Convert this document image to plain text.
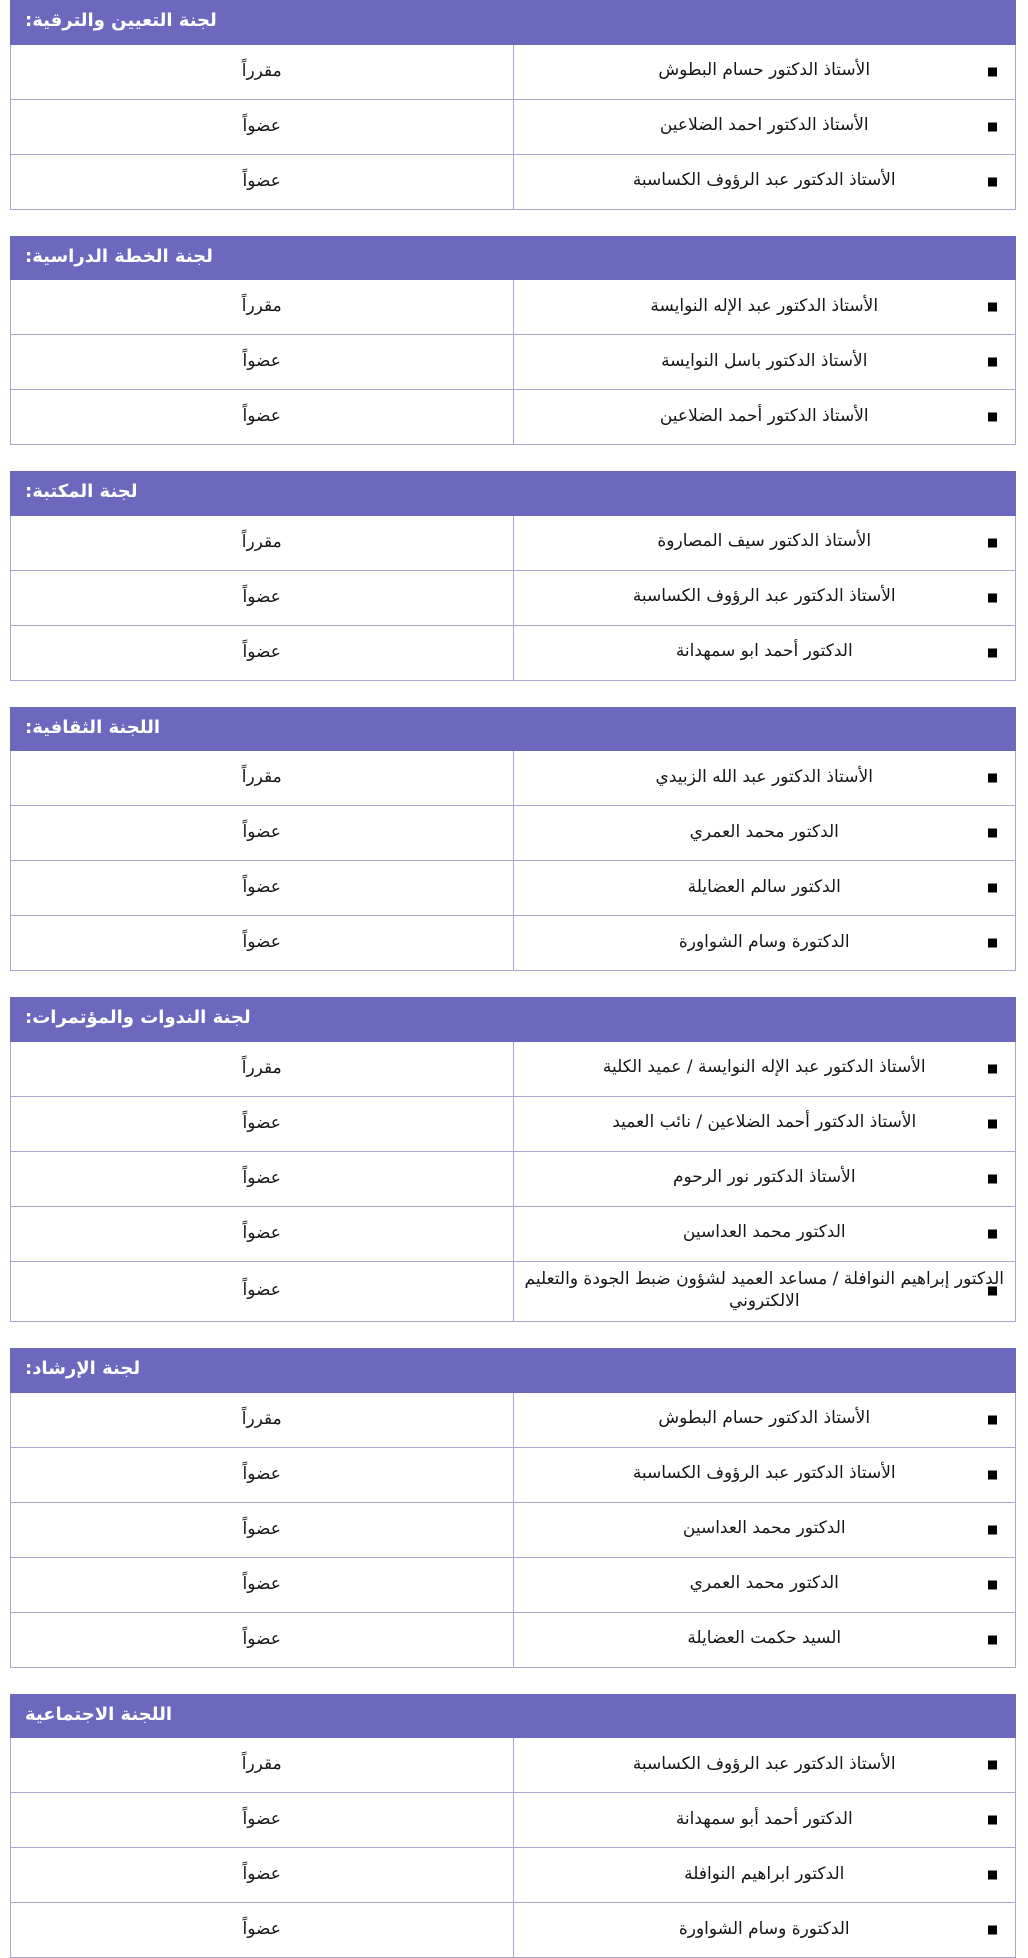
لجنة التعيين والترقية:	

الأستاذ الدكتور حسام البطوش	مقرراً

الأستاذ الدكتور احمد الضلاعين	عضواً

الأستاذ الدكتور عبد الرؤوف الكساسبة	عضواً
لجنة الخطة الدراسية:	

الأستاذ الدكتور عبد الإله النوايسة	مقرراً

الأستاذ الدكتور باسل النوايسة	عضواً

الأستاذ الدكتور أحمد الضلاعين	عضواً
لجنة المكتبة:	

الأستاذ الدكتور سيف المصاروة	مقرراً

الأستاذ الدكتور عبد الرؤوف الكساسبة	عضواً

الدكتور أحمد ابو سمهدانة	عضواً
اللجنة الثقافية:	

الأستاذ الدكتور عبد الله الزبيدي	مقرراً

الدكتور محمد العمري	عضواً

الدكتور سالم العضايلة	عضواً

الدكتورة وسام الشواورة	عضواً
لجنة الندوات والمؤتمرات:	

الأستاذ الدكتور عبد الإله النوايسة / عميد الكلية	مقرراً

الأستاذ الدكتور أحمد الضلاعين / نائب العميد	عضواً

الأستاذ الدكتور نور الرحوم	عضواً

الدكتور محمد العداسين	عضواً

الدكتور إبراهيم النوافلة / مساعد العميد لشؤون ضبط الجودة والتعليم الالكتروني	عضواً
لجنة الإرشاد:	

الأستاذ الدكتور حسام البطوش	مقرراً

الأستاذ الدكتور عبد الرؤوف الكساسبة	عضواً

الدكتور محمد العداسين	عضواً

الدكتور محمد العمري	عضواً

السيد حكمت العضايلة	عضواً
اللجنة الاجتماعية	

الأستاذ الدكتور عبد الرؤوف الكساسبة	مقرراً

الدكتور أحمد أبو سمهدانة	عضواً

الدكتور ابراهيم النوافلة	عضواً

الدكتورة وسام الشواورة	عضواً
